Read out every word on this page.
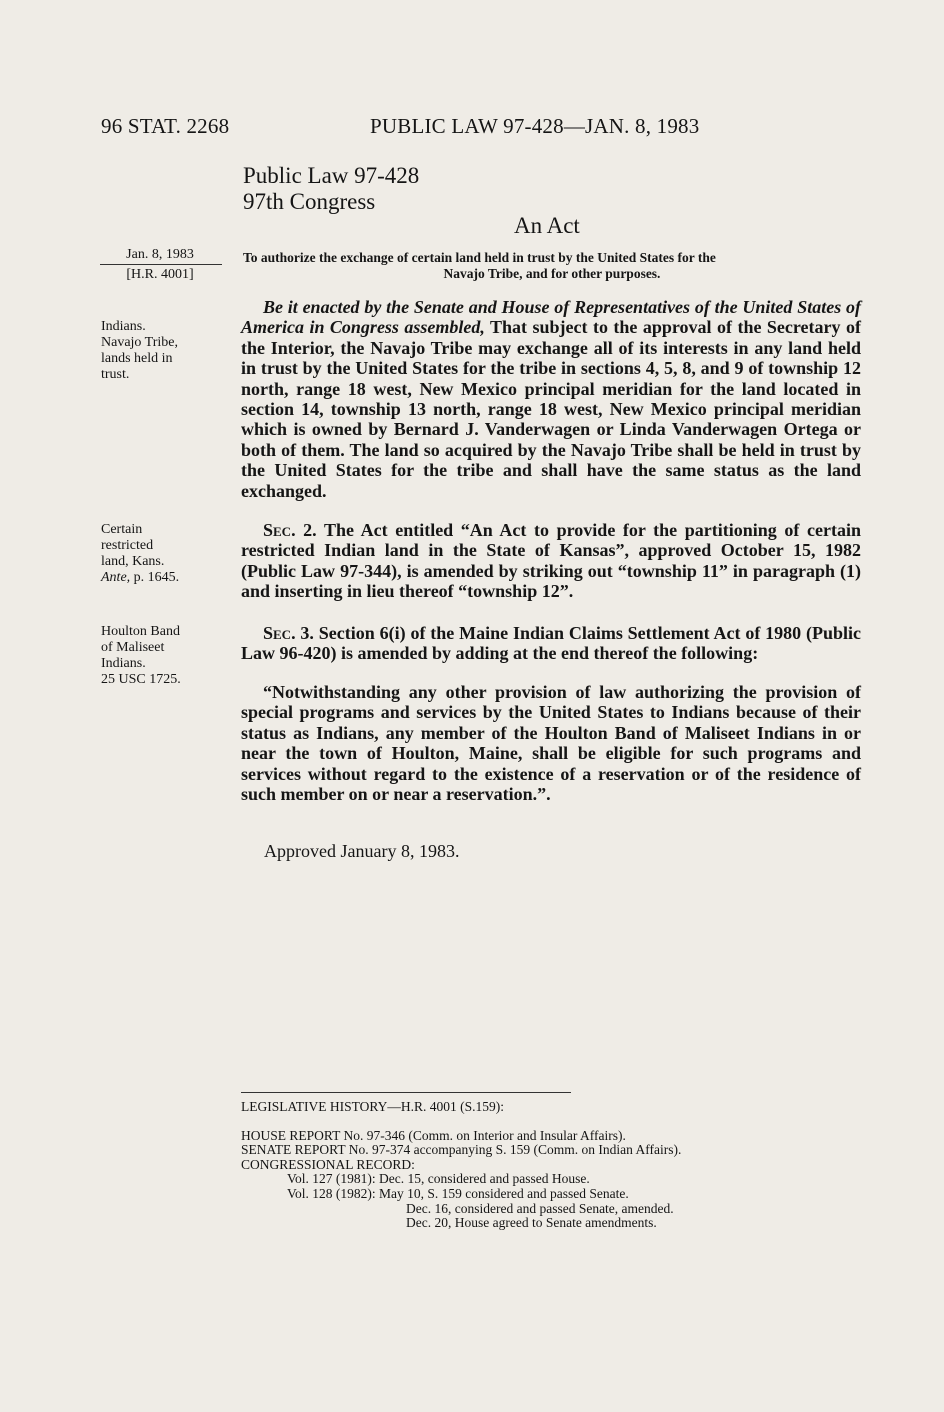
96 STAT. 2268	PUBLIC LAW 97-428—JAN. 8, 1983
Public Law 97-428
97th Congress
An Act
Jan. 8, 1983
[H.R. 4001]
To authorize the exchange of certain land held in trust by the United States for the
Navajo Tribe, and for other purposes.
Indians.
Navajo Tribe,
lands held in
trust.
Certain
restricted
land, Kans.
Ante, p. 1645.
Houlton Band
of Maliseet
Indians.
25 USC 1725.
Be it enacted by the Senate and House of Representatives of the United States of America in Congress assembled, That subject to the approval of the Secretary of the Interior, the Navajo Tribe may exchange all of its interests in any land held in trust by the United States for the tribe in sections 4, 5, 8, and 9 of township 12 north, range 18 west, New Mexico principal meridian for the land located in section 14, township 13 north, range 18 west, New Mexico principal meridian which is owned by Bernard J. Vanderwagen or Linda Vanderwagen Ortega or both of them. The land so acquired by the Navajo Tribe shall be held in trust by the United States for the tribe and shall have the same status as the land exchanged.
Sec. 2. The Act entitled “An Act to provide for the partitioning of certain restricted Indian land in the State of Kansas”, approved October 15, 1982 (Public Law 97-344), is amended by striking out “township 11” in paragraph (1) and inserting in lieu thereof “township 12”.
Sec. 3. Section 6(i) of the Maine Indian Claims Settlement Act of 1980 (Public Law 96-420) is amended by adding at the end thereof the following:
“Notwithstanding any other provision of law authorizing the provision of special programs and services by the United States to Indians because of their status as Indians, any member of the Houlton Band of Maliseet Indians in or near the town of Houlton, Maine, shall be eligible for such programs and services without regard to the existence of a reservation or of the residence of such member on or near a reservation.”.
Approved January 8, 1983.
LEGISLATIVE HISTORY—H.R. 4001 (S.159):
HOUSE REPORT No. 97-346 (Comm. on Interior and Insular Affairs).
SENATE REPORT No. 97-374 accompanying S. 159 (Comm. on Indian Affairs).
CONGRESSIONAL RECORD:
Vol. 127 (1981): Dec. 15, considered and passed House.
Vol. 128 (1982): May 10, S. 159 considered and passed Senate.
Dec. 16, considered and passed Senate, amended.
Dec. 20, House agreed to Senate amendments.
